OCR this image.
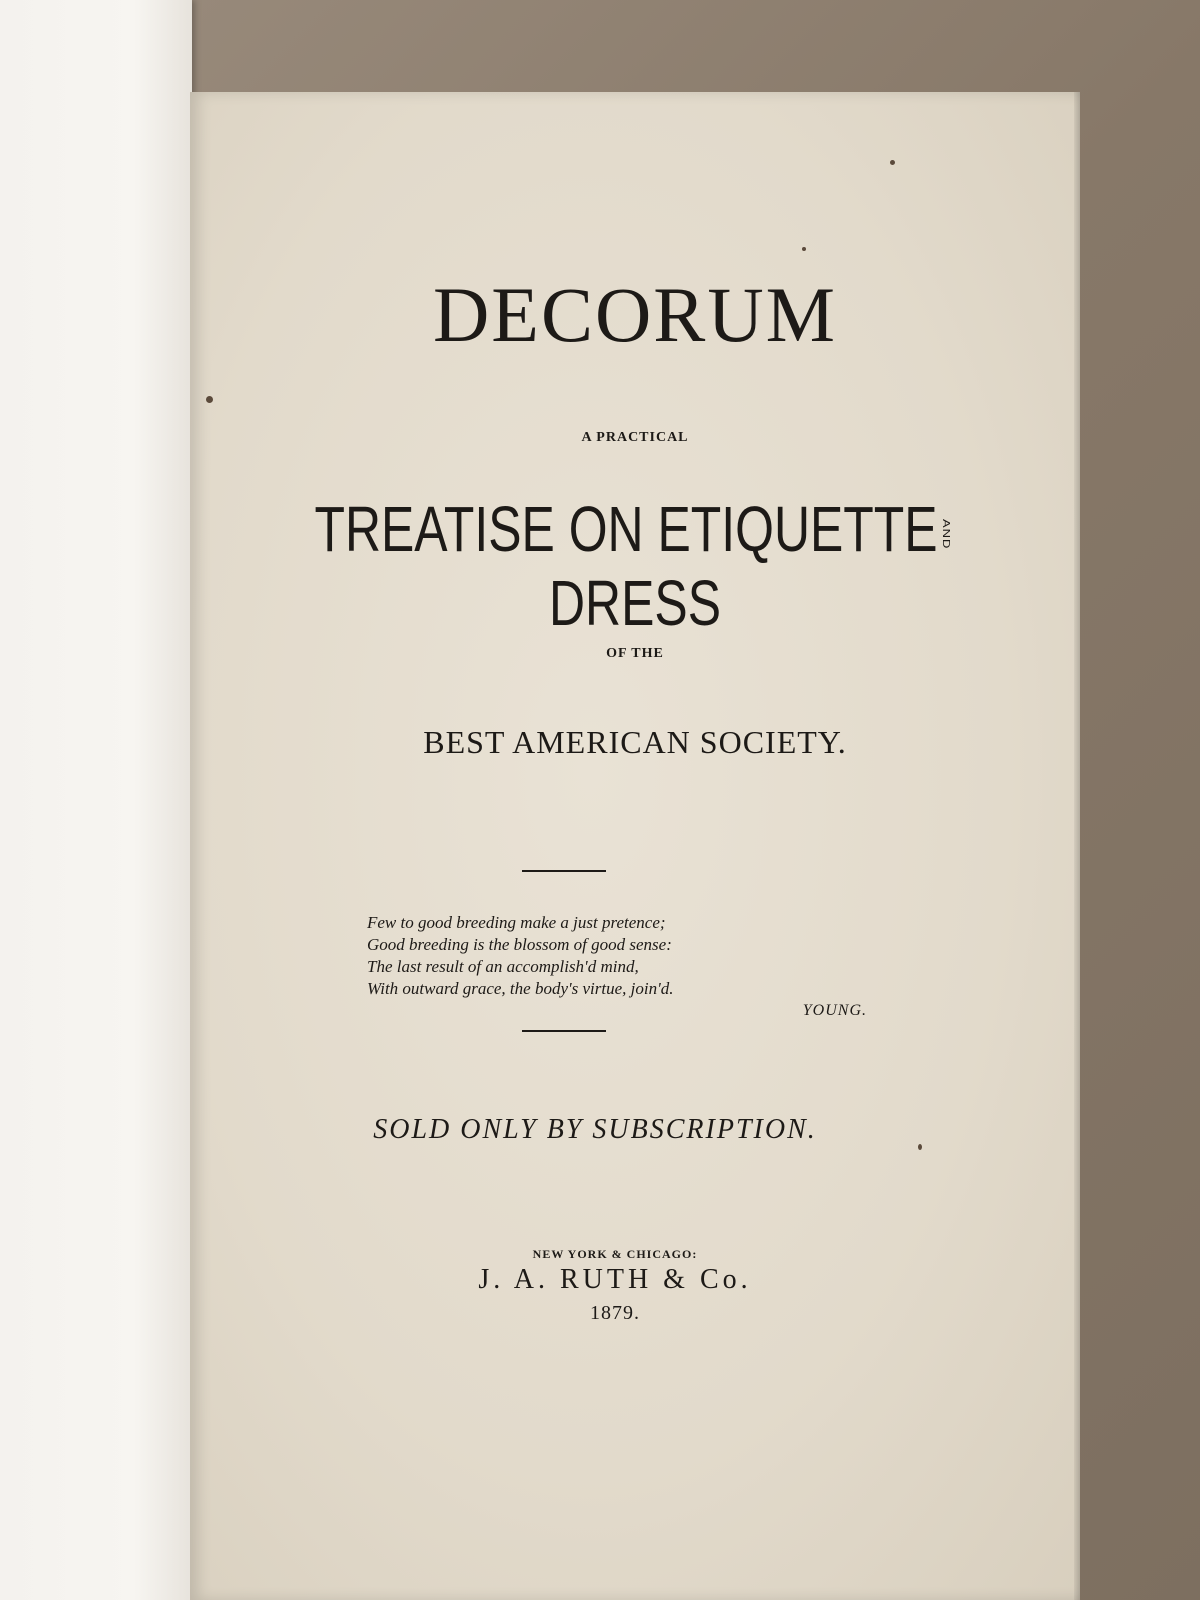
DECORUM
A PRACTICAL
TREATISE ON ETIQUETTE ANDDRESS
OF THE
BEST AMERICAN SOCIETY.
Few to good breeding make a just pretence;
Good breeding is the blossom of good sense:
The last result of an accomplish'd mind,
With outward grace, the body's virtue, join'd.
YOUNG.
SOLD ONLY BY SUBSCRIPTION.
NEW YORK & CHICAGO:
J. A. RUTH & Co.
1879.
